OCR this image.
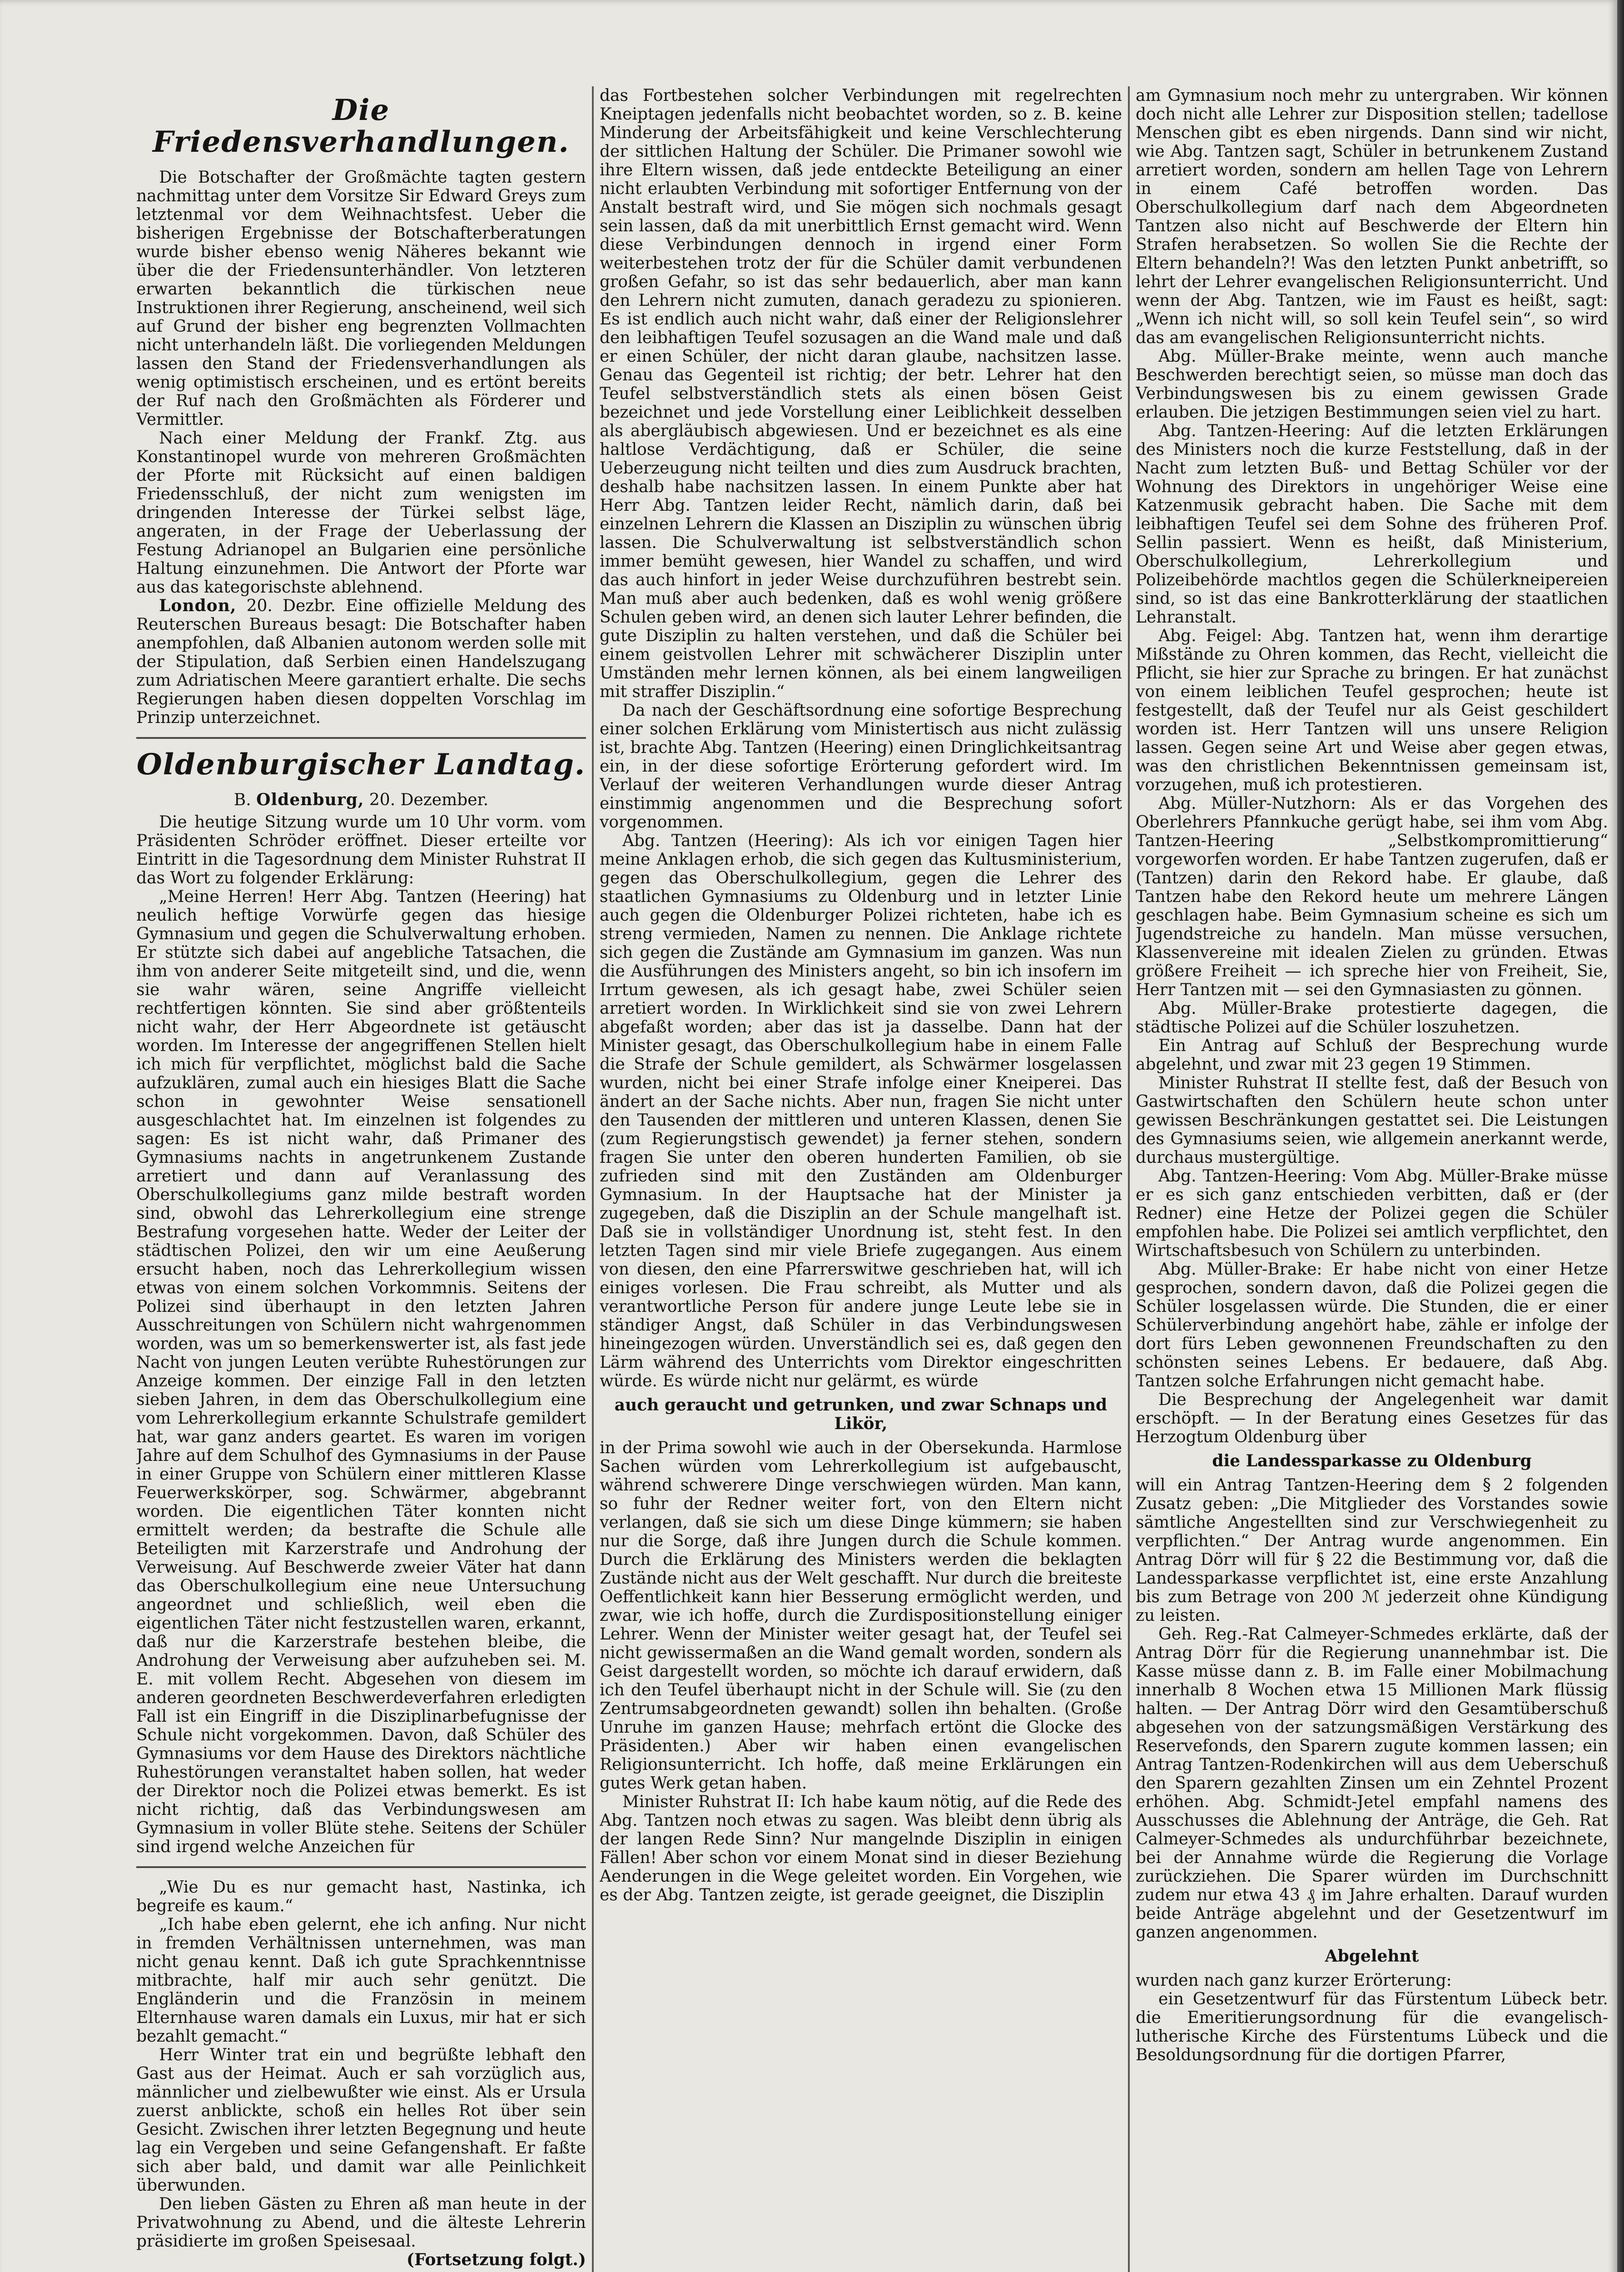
Die Friedensverhandlungen.

Die Botschafter der Großmächte tagten gestern nachmittag unter dem Vorsitze Sir Edward Greys zum letztenmal vor dem Weihnachtsfest. Ueber die bisherigen Ergebnisse der Botschafterberatungen wurde bisher ebenso wenig Näheres bekannt wie über die der Friedensunterhändler. Von letzteren erwarten bekanntlich die türkischen neue Instruktionen ihrer Regierung, anscheinend, weil sich auf Grund der bisher eng begrenzten Vollmachten nicht unterhandeln läßt. Die vorliegenden Meldungen lassen den Stand der Friedensverhandlungen als wenig optimistisch erscheinen, und es ertönt bereits der Ruf nach den Großmächten als Förderer und Vermittler.

Nach einer Meldung der Frankf. Ztg. aus Konstantinopel wurde von mehreren Großmächten der Pforte mit Rücksicht auf einen baldigen Friedensschluß, der nicht zum wenigsten im dringenden Interesse der Türkei selbst läge, angeraten, in der Frage der Ueberlassung der Festung Adrianopel an Bulgarien eine persönliche Haltung einzunehmen. Die Antwort der Pforte war aus das kategorischste ablehnend.

London, 20. Dezbr. Eine offizielle Meldung des Reuterschen Bureaus besagt: Die Botschafter haben anempfohlen, daß Albanien autonom werden solle mit der Stipulation, daß Serbien einen Handelszugang zum Adriatischen Meere garantiert erhalte. Die sechs Regierungen haben diesen doppelten Vorschlag im Prinzip unterzeichnet.

Oldenburgischer Landtag.

B. Oldenburg, 20. Dezember.

Die heutige Sitzung wurde um 10 Uhr vorm. vom Präsidenten Schröder eröffnet. Dieser erteilte vor Eintritt in die Tagesordnung dem Minister Ruhstrat II das Wort zu folgender Erklärung:

„Meine Herren! Herr Abg. Tantzen (Heering) hat neulich heftige Vorwürfe gegen das hiesige Gymnasium und gegen die Schulverwaltung erhoben. Er stützte sich dabei auf angebliche Tatsachen, die ihm von anderer Seite mitgeteilt sind, und die, wenn sie wahr wären, seine Angriffe vielleicht rechtfertigen könnten. Sie sind aber größtenteils nicht wahr, der Herr Abgeordnete ist getäuscht worden. Im Interesse der angegriffenen Stellen hielt ich mich für verpflichtet, möglichst bald die Sache aufzuklären, zumal auch ein hiesiges Blatt die Sache schon in gewohnter Weise sensationell ausgeschlachtet hat. Im einzelnen ist folgendes zu sagen: Es ist nicht wahr, daß Primaner des Gymnasiums nachts in angetrunkenem Zustande arretiert und dann auf Veranlassung des Oberschulkollegiums ganz milde bestraft worden sind, obwohl das Lehrerkollegium eine strenge Bestrafung vorgesehen hatte. Weder der Leiter der städtischen Polizei, den wir um eine Aeußerung ersucht haben, noch das Lehrerkollegium wissen etwas von einem solchen Vorkommnis. Seitens der Polizei sind überhaupt in den letzten Jahren Ausschreitungen von Schülern nicht wahrgenommen worden, was um so bemerkenswerter ist, als fast jede Nacht von jungen Leuten verübte Ruhestörungen zur Anzeige kommen. Der einzige Fall in den letzten sieben Jahren, in dem das Oberschulkollegium eine vom Lehrerkollegium erkannte Schulstrafe gemildert hat, war ganz anders geartet. Es waren im vorigen Jahre auf dem Schulhof des Gymnasiums in der Pause in einer Gruppe von Schülern einer mittleren Klasse Feuerwerkskörper, sog. Schwärmer, abgebrannt worden. Die eigentlichen Täter konnten nicht ermittelt werden; da bestrafte die Schule alle Beteiligten mit Karzerstrafe und Androhung der Verweisung. Auf Beschwerde zweier Väter hat dann das Oberschulkollegium eine neue Untersuchung angeordnet und schließlich, weil eben die eigentlichen Täter nicht festzustellen waren, erkannt, daß nur die Karzerstrafe bestehen bleibe, die Androhung der Verweisung aber aufzuheben sei. M. E. mit vollem Recht. Abgesehen von diesem im anderen geordneten Beschwerdeverfahren erledigten Fall ist ein Eingriff in die Disziplinarbefugnisse der Schule nicht vorgekommen. Davon, daß Schüler des Gymnasiums vor dem Hause des Direktors nächtliche Ruhestörungen veranstaltet haben sollen, hat weder der Direktor noch die Polizei etwas bemerkt. Es ist nicht richtig, daß das Verbindungswesen am Gymnasium in voller Blüte stehe. Seitens der Schüler sind irgend welche Anzeichen für

„Wie Du es nur gemacht hast, Nastinka, ich begreife es kaum.“

„Ich habe eben gelernt, ehe ich anfing. Nur nicht in fremden Verhältnissen unternehmen, was man nicht genau kennt. Daß ich gute Sprachkenntnisse mitbrachte, half mir auch sehr genützt. Die Engländerin und die Französin in meinem Elternhause waren damals ein Luxus, mir hat er sich bezahlt gemacht.“

Herr Winter trat ein und begrüßte lebhaft den Gast aus der Heimat. Auch er sah vorzüglich aus, männlicher und zielbewußter wie einst. Als er Ursula zuerst anblickte, schoß ein helles Rot über sein Gesicht. Zwischen ihrer letzten Begegnung und heute lag ein Vergeben und seine Gefangenshaft. Er faßte sich aber bald, und damit war alle Peinlichkeit überwunden.

Den lieben Gästen zu Ehren aß man heute in der Privatwohnung zu Abend, und die älteste Lehrerin präsidierte im großen Speisesaal.

(Fortsetzung folgt.)

das Fortbestehen solcher Verbindungen mit regelrechten Kneiptagen jedenfalls nicht beobachtet worden, so z. B. keine Minderung der Arbeitsfähigkeit und keine Verschlechterung der sittlichen Haltung der Schüler. Die Primaner sowohl wie ihre Eltern wissen, daß jede entdeckte Beteiligung an einer nicht erlaubten Verbindung mit sofortiger Entfernung von der Anstalt bestraft wird, und Sie mögen sich nochmals gesagt sein lassen, daß da mit unerbittlich Ernst gemacht wird. Wenn diese Verbindungen dennoch in irgend einer Form weiterbestehen trotz der für die Schüler damit verbundenen großen Gefahr, so ist das sehr bedauerlich, aber man kann den Lehrern nicht zumuten, danach geradezu zu spionieren. Es ist endlich auch nicht wahr, daß einer der Religionslehrer den leibhaftigen Teufel sozusagen an die Wand male und daß er einen Schüler, der nicht daran glaube, nachsitzen lasse. Genau das Gegenteil ist richtig; der betr. Lehrer hat den Teufel selbstverständlich stets als einen bösen Geist bezeichnet und jede Vorstellung einer Leiblichkeit desselben als abergläubisch abgewiesen. Und er bezeichnet es als eine haltlose Verdächtigung, daß er Schüler, die seine Ueberzeugung nicht teilten und dies zum Ausdruck brachten, deshalb habe nachsitzen lassen. In einem Punkte aber hat Herr Abg. Tantzen leider Recht, nämlich darin, daß bei einzelnen Lehrern die Klassen an Disziplin zu wünschen übrig lassen. Die Schulverwaltung ist selbstverständlich schon immer bemüht gewesen, hier Wandel zu schaffen, und wird das auch hinfort in jeder Weise durchzuführen bestrebt sein. Man muß aber auch bedenken, daß es wohl wenig größere Schulen geben wird, an denen sich lauter Lehrer befinden, die gute Disziplin zu halten verstehen, und daß die Schüler bei einem geistvollen Lehrer mit schwächerer Disziplin unter Umständen mehr lernen können, als bei einem langweiligen mit straffer Disziplin.“

Da nach der Geschäftsordnung eine sofortige Besprechung einer solchen Erklärung vom Ministertisch aus nicht zulässig ist, brachte Abg. Tantzen (Heering) einen Dringlichkeitsantrag ein, in der diese sofortige Erörterung gefordert wird. Im Verlauf der weiteren Verhandlungen wurde dieser Antrag einstimmig angenommen und die Besprechung sofort vorgenommen.

Abg. Tantzen (Heering): Als ich vor einigen Tagen hier meine Anklagen erhob, die sich gegen das Kultusministerium, gegen das Oberschulkollegium, gegen die Lehrer des staatlichen Gymnasiums zu Oldenburg und in letzter Linie auch gegen die Oldenburger Polizei richteten, habe ich es streng vermieden, Namen zu nennen. Die Anklage richtete sich gegen die Zustände am Gymnasium im ganzen. Was nun die Ausführungen des Ministers angeht, so bin ich insofern im Irrtum gewesen, als ich gesagt habe, zwei Schüler seien arretiert worden. In Wirklichkeit sind sie von zwei Lehrern abgefaßt worden; aber das ist ja dasselbe. Dann hat der Minister gesagt, das Oberschulkollegium habe in einem Falle die Strafe der Schule gemildert, als Schwärmer losgelassen wurden, nicht bei einer Strafe infolge einer Kneiperei. Das ändert an der Sache nichts. Aber nun, fragen Sie nicht unter den Tausenden der mittleren und unteren Klassen, denen Sie (zum Regierungstisch gewendet) ja ferner stehen, sondern fragen Sie unter den oberen hunderten Familien, ob sie zufrieden sind mit den Zuständen am Oldenburger Gymnasium. In der Hauptsache hat der Minister ja zugegeben, daß die Disziplin an der Schule mangelhaft ist. Daß sie in vollständiger Unordnung ist, steht fest. In den letzten Tagen sind mir viele Briefe zugegangen. Aus einem von diesen, den eine Pfarrerswitwe geschrieben hat, will ich einiges vorlesen. Die Frau schreibt, als Mutter und als verantwortliche Person für andere junge Leute lebe sie in ständiger Angst, daß Schüler in das Verbindungswesen hineingezogen würden. Unverständlich sei es, daß gegen den Lärm während des Unterrichts vom Direktor eingeschritten würde. Es würde nicht nur gelärmt, es würde

auch geraucht und getrunken, und zwar Schnaps und Likör,

in der Prima sowohl wie auch in der Obersekunda. Harmlose Sachen würden vom Lehrerkollegium ist aufgebauscht, während schwerere Dinge verschwiegen würden. Man kann, so fuhr der Redner weiter fort, von den Eltern nicht verlangen, daß sie sich um diese Dinge kümmern; sie haben nur die Sorge, daß ihre Jungen durch die Schule kommen. Durch die Erklärung des Ministers werden die beklagten Zustände nicht aus der Welt geschafft. Nur durch die breiteste Oeffentlichkeit kann hier Besserung ermöglicht werden, und zwar, wie ich hoffe, durch die Zurdispositionstellung einiger Lehrer. Wenn der Minister weiter gesagt hat, der Teufel sei nicht gewissermaßen an die Wand gemalt worden, sondern als Geist dargestellt worden, so möchte ich darauf erwidern, daß ich den Teufel überhaupt nicht in der Schule will. Sie (zu den Zentrumsabgeordneten gewandt) sollen ihn behalten. (Große Unruhe im ganzen Hause; mehrfach ertönt die Glocke des Präsidenten.) Aber wir haben einen evangelischen Religionsunterricht. Ich hoffe, daß meine Erklärungen ein gutes Werk getan haben.

Minister Ruhstrat II: Ich habe kaum nötig, auf die Rede des Abg. Tantzen noch etwas zu sagen. Was bleibt denn übrig als der langen Rede Sinn? Nur mangelnde Disziplin in einigen Fällen! Aber schon vor einem Monat sind in dieser Beziehung Aenderungen in die Wege geleitet worden. Ein Vorgehen, wie es der Abg. Tantzen zeigte, ist gerade geeignet, die Disziplin

am Gymnasium noch mehr zu untergraben. Wir können doch nicht alle Lehrer zur Disposition stellen; tadellose Menschen gibt es eben nirgends. Dann sind wir nicht, wie Abg. Tantzen sagt, Schüler in betrunkenem Zustand arretiert worden, sondern am hellen Tage von Lehrern in einem Café betroffen worden. Das Oberschulkollegium darf nach dem Abgeordneten Tantzen also nicht auf Beschwerde der Eltern hin Strafen herabsetzen. So wollen Sie die Rechte der Eltern behandeln?! Was den letzten Punkt anbetrifft, so lehrt der Lehrer evangelischen Religionsunterricht. Und wenn der Abg. Tantzen, wie im Faust es heißt, sagt: „Wenn ich nicht will, so soll kein Teufel sein“, so wird das am evangelischen Religionsunterricht nichts.

Abg. Müller-Brake meinte, wenn auch manche Beschwerden berechtigt seien, so müsse man doch das Verbindungswesen bis zu einem gewissen Grade erlauben. Die jetzigen Bestimmungen seien viel zu hart.

Abg. Tantzen-Heering: Auf die letzten Erklärungen des Ministers noch die kurze Feststellung, daß in der Nacht zum letzten Buß- und Bettag Schüler vor der Wohnung des Direktors in ungehöriger Weise eine Katzenmusik gebracht haben. Die Sache mit dem leibhaftigen Teufel sei dem Sohne des früheren Prof. Sellin passiert. Wenn es heißt, daß Ministerium, Oberschulkollegium, Lehrerkollegium und Polizeibehörde machtlos gegen die Schülerkneipereien sind, so ist das eine Bankrotterklärung der staatlichen Lehranstalt.

Abg. Feigel: Abg. Tantzen hat, wenn ihm derartige Mißstände zu Ohren kommen, das Recht, vielleicht die Pflicht, sie hier zur Sprache zu bringen. Er hat zunächst von einem leiblichen Teufel gesprochen; heute ist festgestellt, daß der Teufel nur als Geist geschildert worden ist. Herr Tantzen will uns unsere Religion lassen. Gegen seine Art und Weise aber gegen etwas, was den christlichen Bekenntnissen gemeinsam ist, vorzugehen, muß ich protestieren.

Abg. Müller-Nutzhorn: Als er das Vorgehen des Oberlehrers Pfannkuche gerügt habe, sei ihm vom Abg. Tantzen-Heering „Selbstkompromittierung“ vorgeworfen worden. Er habe Tantzen zugerufen, daß er (Tantzen) darin den Rekord habe. Er glaube, daß Tantzen habe den Rekord heute um mehrere Längen geschlagen habe. Beim Gymnasium scheine es sich um Jugendstreiche zu handeln. Man müsse versuchen, Klassenvereine mit idealen Zielen zu gründen. Etwas größere Freiheit — ich spreche hier von Freiheit, Sie, Herr Tantzen mit — sei den Gymnasiasten zu gönnen.

Abg. Müller-Brake protestierte dagegen, die städtische Polizei auf die Schüler loszuhetzen.

Ein Antrag auf Schluß der Besprechung wurde abgelehnt, und zwar mit 23 gegen 19 Stimmen.

Minister Ruhstrat II stellte fest, daß der Besuch von Gastwirtschaften den Schülern heute schon unter gewissen Beschränkungen gestattet sei. Die Leistungen des Gymnasiums seien, wie allgemein anerkannt werde, durchaus mustergültige.

Abg. Tantzen-Heering: Vom Abg. Müller-Brake müsse er es sich ganz entschieden verbitten, daß er (der Redner) eine Hetze der Polizei gegen die Schüler empfohlen habe. Die Polizei sei amtlich verpflichtet, den Wirtschaftsbesuch von Schülern zu unterbinden.

Abg. Müller-Brake: Er habe nicht von einer Hetze gesprochen, sondern davon, daß die Polizei gegen die Schüler losgelassen würde. Die Stunden, die er einer Schülerverbindung angehört habe, zähle er infolge der dort fürs Leben gewonnenen Freundschaften zu den schönsten seines Lebens. Er bedauere, daß Abg. Tantzen solche Erfahrungen nicht gemacht habe.

Die Besprechung der Angelegenheit war damit erschöpft. — In der Beratung eines Gesetzes für das Herzogtum Oldenburg über

die Landessparkasse zu Oldenburg

will ein Antrag Tantzen-Heering dem § 2 folgenden Zusatz geben: „Die Mitglieder des Vorstandes sowie sämtliche Angestellten sind zur Verschwiegenheit zu verpflichten.“ Der Antrag wurde angenommen. Ein Antrag Dörr will für § 22 die Bestimmung vor, daß die Landessparkasse verpflichtet ist, eine erste Anzahlung bis zum Betrage von 200 ℳ jederzeit ohne Kündigung zu leisten.

Geh. Reg.-Rat Calmeyer-Schmedes erklärte, daß der Antrag Dörr für die Regierung unannehmbar ist. Die Kasse müsse dann z. B. im Falle einer Mobilmachung innerhalb 8 Wochen etwa 15 Millionen Mark flüssig halten. — Der Antrag Dörr wird den Gesamtüberschuß abgesehen von der satzungsmäßigen Verstärkung des Reservefonds, den Sparern zugute kommen lassen; ein Antrag Tantzen-Rodenkirchen will aus dem Ueberschuß den Sparern gezahlten Zinsen um ein Zehntel Prozent erhöhen. Abg. Schmidt-Jetel empfahl namens des Ausschusses die Ablehnung der Anträge, die Geh. Rat Calmeyer-Schmedes als undurchführbar bezeichnete, bei der Annahme würde die Regierung die Vorlage zurückziehen. Die Sparer würden im Durchschnitt zudem nur etwa 43 ₰ im Jahre erhalten. Darauf wurden beide Anträge abgelehnt und der Gesetzentwurf im ganzen angenommen.

Abgelehnt

wurden nach ganz kurzer Erörterung:

ein Gesetzentwurf für das Fürstentum Lübeck betr. die Emeritierungsordnung für die evangelisch-lutherische Kirche des Fürstentums Lübeck und die Besoldungsordnung für die dortigen Pfarrer,
